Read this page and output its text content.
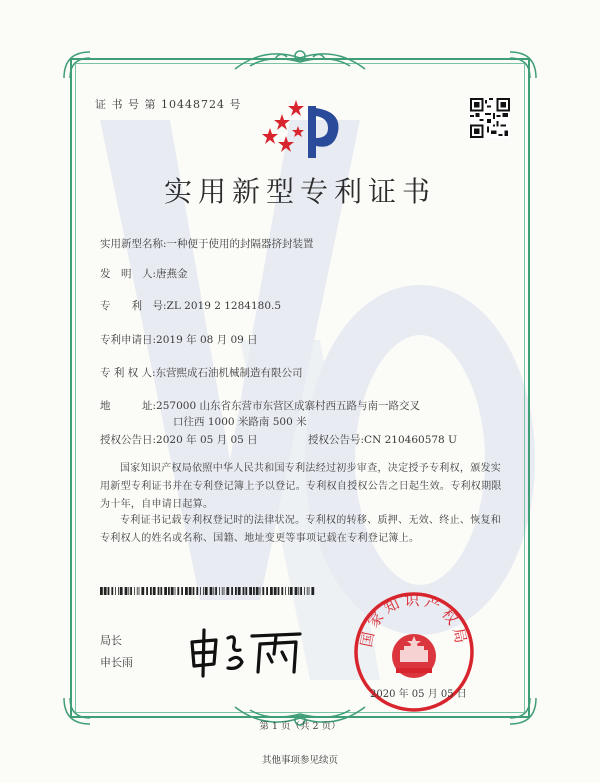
证 书 号 第 10448724 号
实用新型专利证书
实用新型名称:一种便于使用的封隔器挤封装置
发　明　人:唐燕金
专　　利　号:ZL 2019 2 1284180.5
专利申请日:2019 年 08 月 09 日
专 利 权 人:东营熙成石油机械制造有限公司
地　　　址:257000 山东省东营市东营区成寨村西五路与南一路交叉
口往西 1000 米路南 500 米
授权公告日:2020 年 05 月 05 日	授权公告号:CN 210460578 U
国家知识产权局依照中华人民共和国专利法经过初步审查，决定授予专利权，颁发实用新型专利证书并在专利登记簿上予以登记。专利权自授权公告之日起生效。专利权期限为十年，自申请日起算。
专利证书记载专利权登记时的法律状况。专利权的转移、质押、无效、终止、恢复和专利权人的姓名或名称、国籍、地址变更等事项记载在专利登记簿上。
局长
申长雨
国家知识产权局
2020 年 05 月 05 日
第 1 页（共 2 页）
其他事项参见续页
